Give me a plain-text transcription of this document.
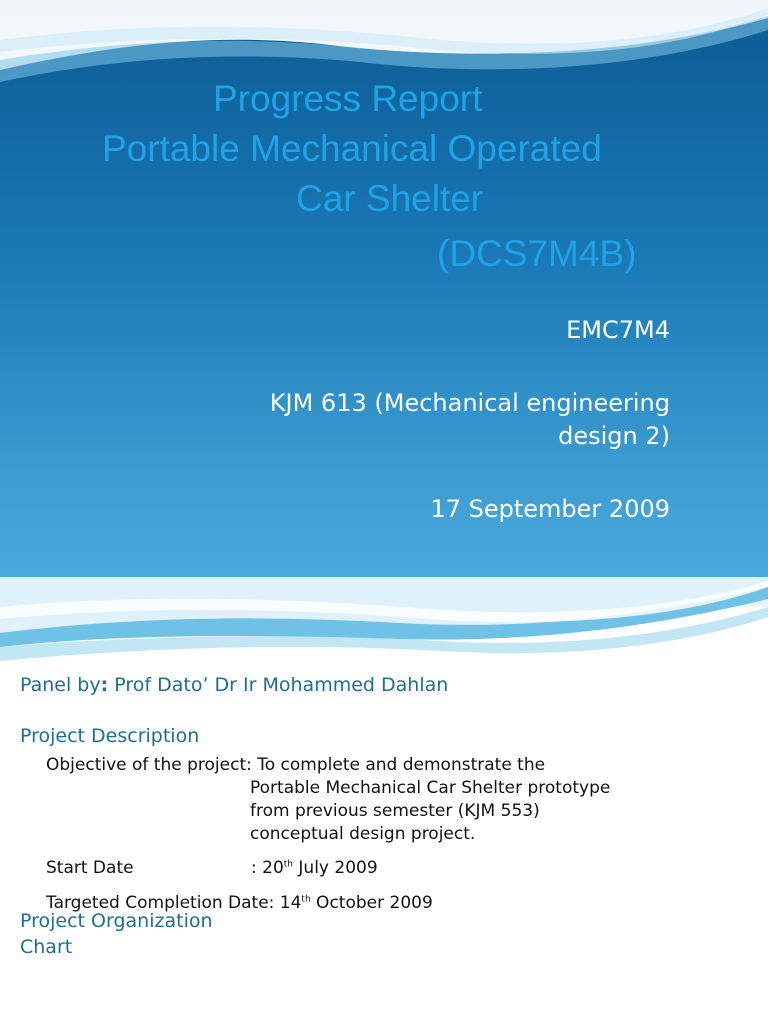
Progress Report
Portable Mechanical Operated
Car Shelter
(DCS7M4B)
EMC7M4
KJM 613 (Mechanical engineering
design 2)
17 September 2009
Panel by: Prof Dato’ Dr Ir Mohammed Dahlan
Project Description
Objective of the project: To complete and demonstrate the
Portable Mechanical Car Shelter prototype
from previous semester (KJM 553)
conceptual design project.
Start Date	: 20th July 2009
Targeted Completion Date: 14th October 2009
Project Organization
Chart
